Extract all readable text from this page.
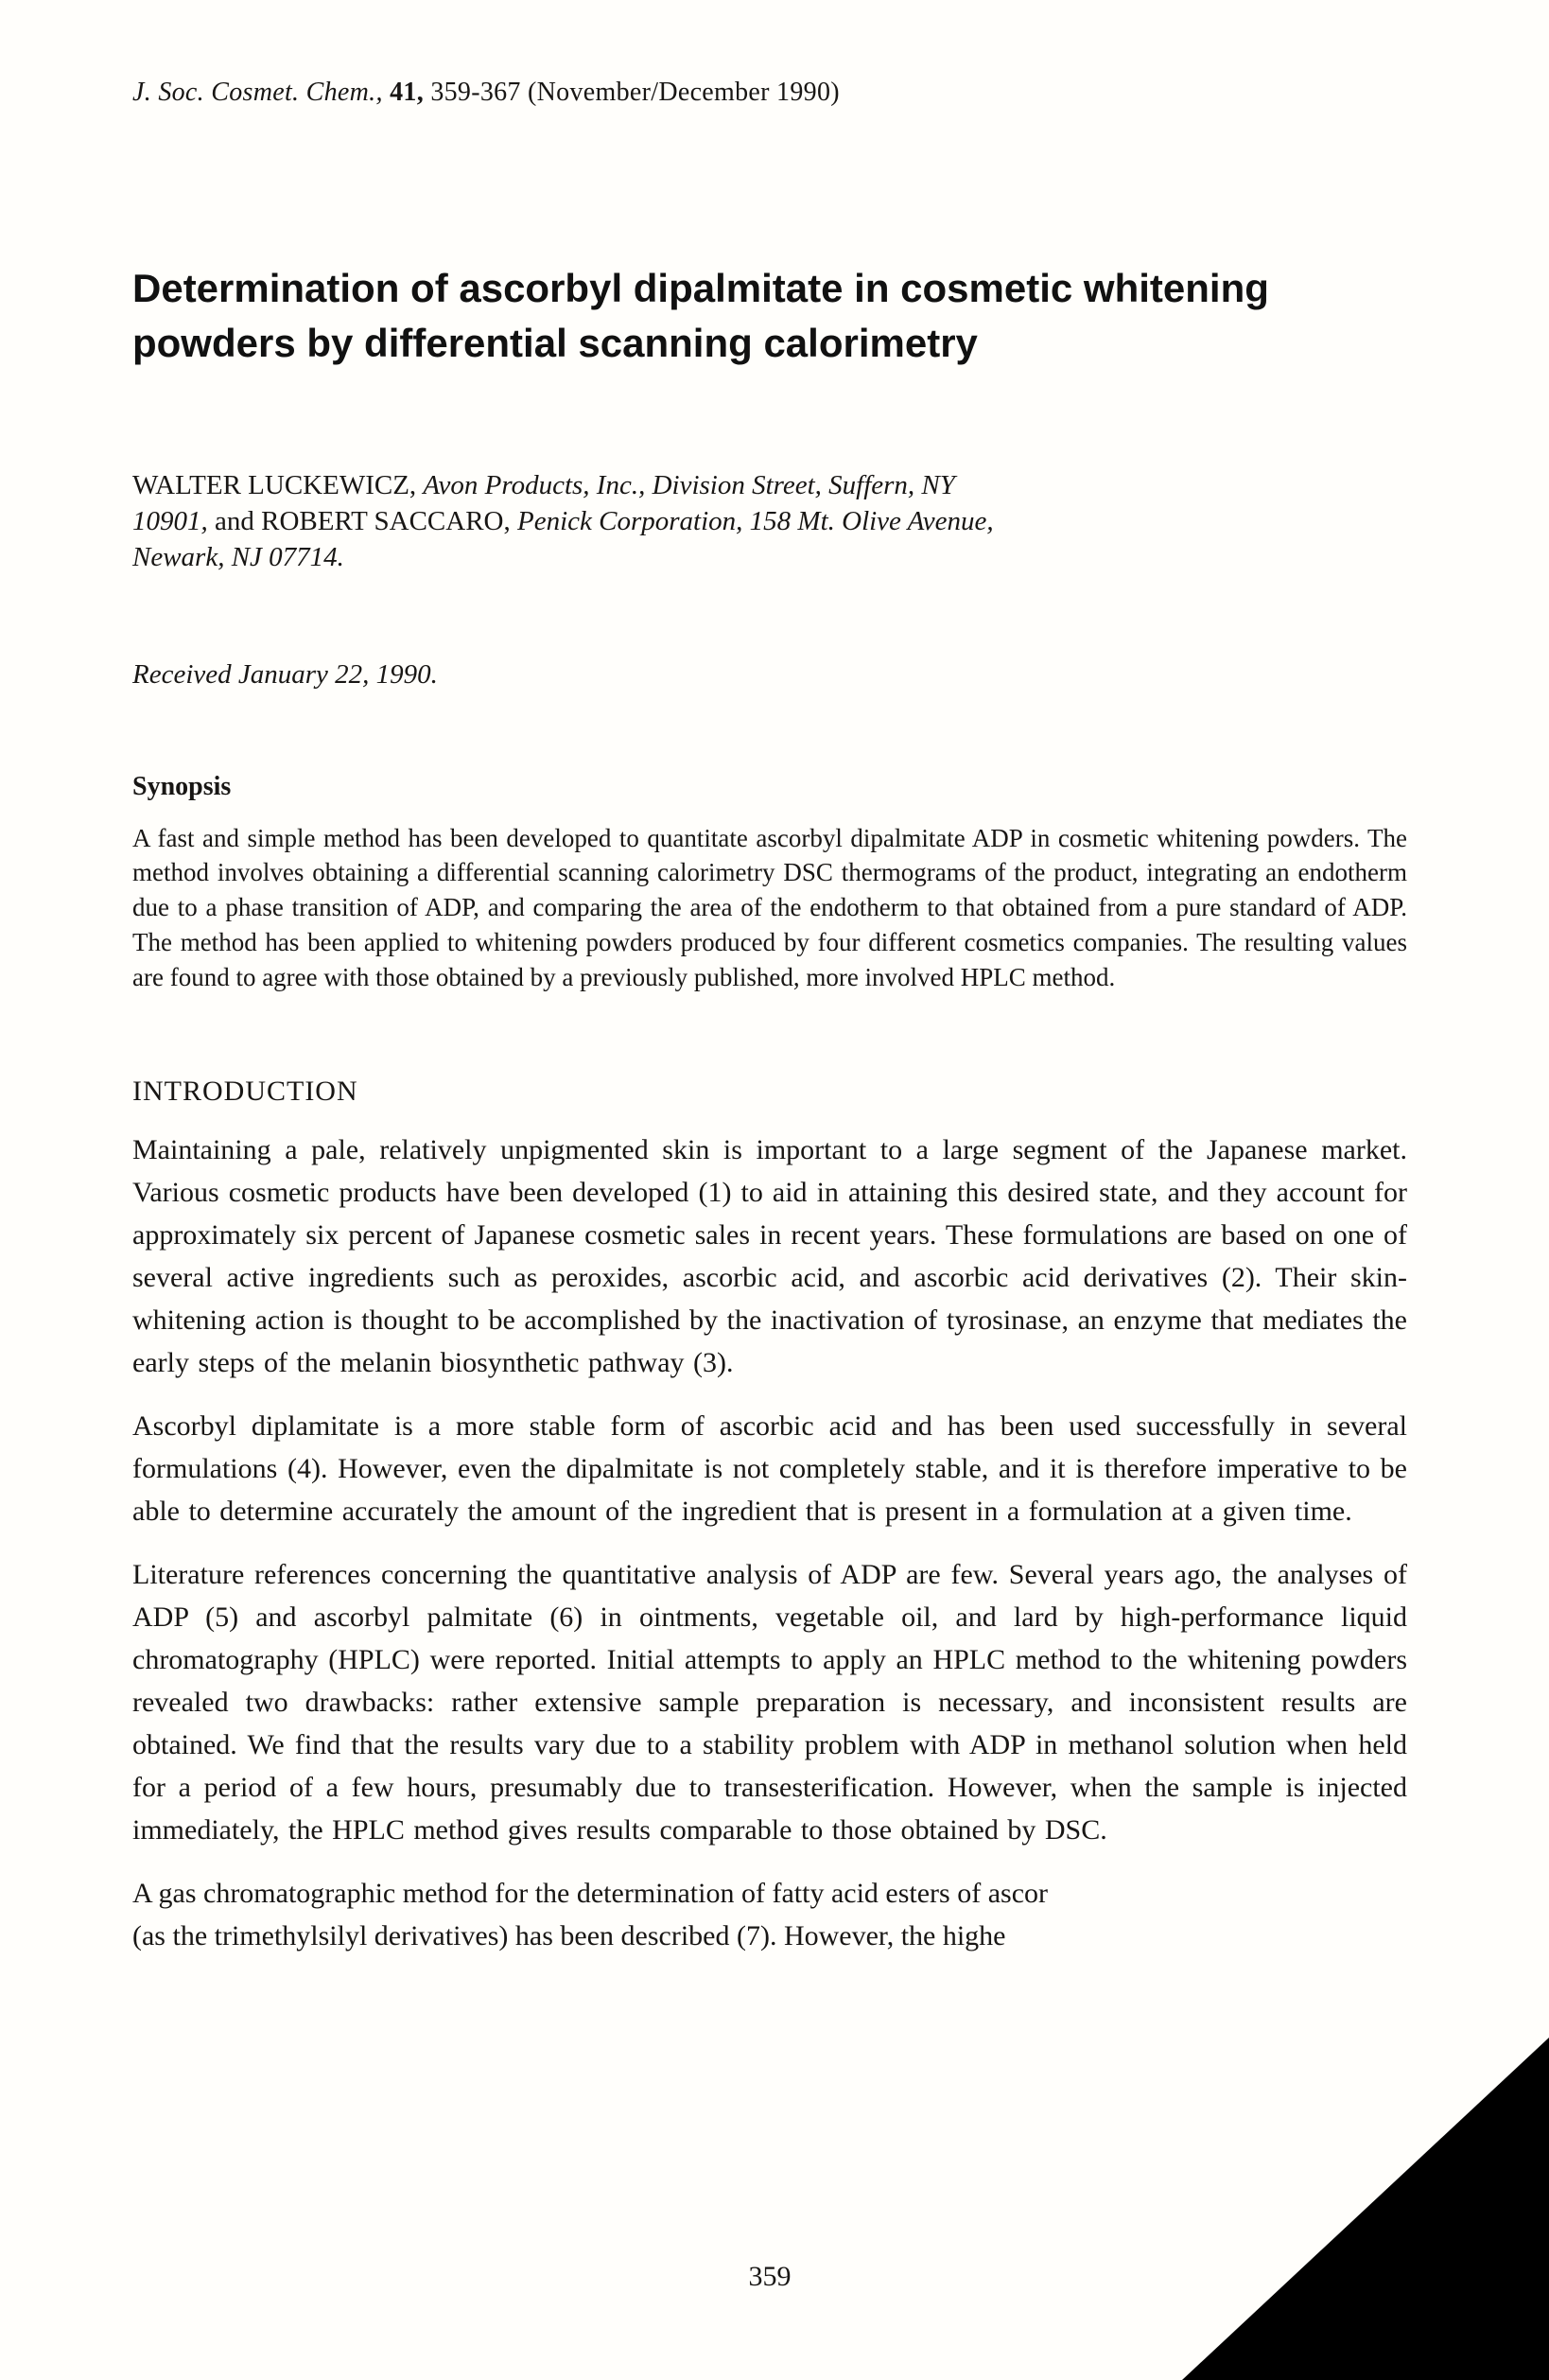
J. Soc. Cosmet. Chem., 41, 359-367 (November/December 1990)
Determination of ascorbyl dipalmitate in cosmetic whitening powders by differential scanning calorimetry

WALTER LUCKEWICZ, Avon Products, Inc., Division Street, Suffern, NY 10901, and ROBERT SACCARO, Penick Corporation, 158 Mt. Olive Avenue, Newark, NJ 07714.

Received January 22, 1990.

Synopsis

A fast and simple method has been developed to quantitate ascorbyl dipalmitate ADP in cosmetic whitening powders. The method involves obtaining a differential scanning calorimetry DSC thermograms of the product, integrating an endotherm due to a phase transition of ADP, and comparing the area of the endotherm to that obtained from a pure standard of ADP. The method has been applied to whitening powders produced by four different cosmetics companies. The resulting values are found to agree with those obtained by a previously published, more involved HPLC method.

INTRODUCTION

Maintaining a pale, relatively unpigmented skin is important to a large segment of the Japanese market. Various cosmetic products have been developed (1) to aid in attaining this desired state, and they account for approximately six percent of Japanese cosmetic sales in recent years. These formulations are based on one of several active ingredients such as peroxides, ascorbic acid, and ascorbic acid derivatives (2). Their skin-whitening action is thought to be accomplished by the inactivation of tyrosinase, an enzyme that mediates the early steps of the melanin biosynthetic pathway (3).

Ascorbyl diplamitate is a more stable form of ascorbic acid and has been used successfully in several formulations (4). However, even the dipalmitate is not completely stable, and it is therefore imperative to be able to determine accurately the amount of the ingredient that is present in a formulation at a given time.

Literature references concerning the quantitative analysis of ADP are few. Several years ago, the analyses of ADP (5) and ascorbyl palmitate (6) in ointments, vegetable oil, and lard by high-performance liquid chromatography (HPLC) were reported. Initial attempts to apply an HPLC method to the whitening powders revealed two drawbacks: rather extensive sample preparation is necessary, and inconsistent results are obtained. We find that the results vary due to a stability problem with ADP in methanol solution when held for a period of a few hours, presumably due to transesterification. However, when the sample is injected immediately, the HPLC method gives results comparable to those obtained by DSC.

A gas chromatographic method for the determination of fatty acid esters of ascor
(as the trimethylsilyl derivatives) has been described (7). However, the highe
359
